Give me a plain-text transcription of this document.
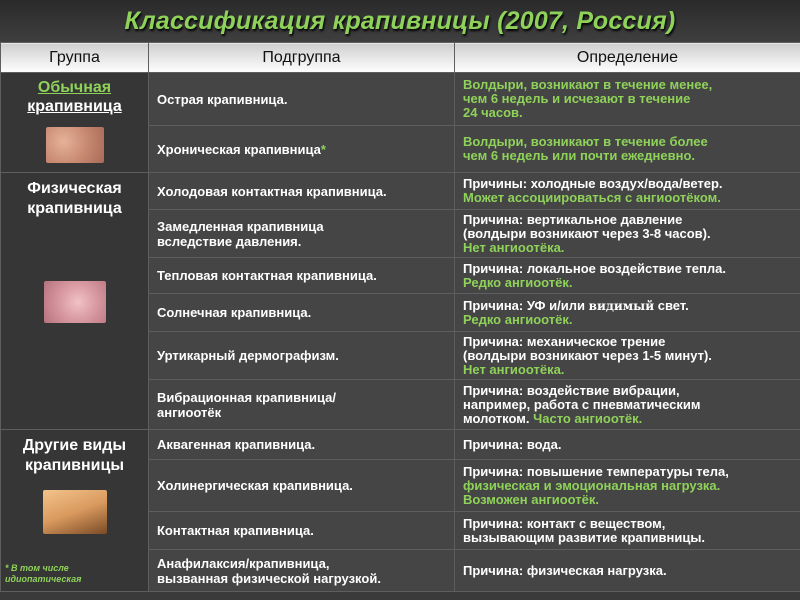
Классификация крапивницы (2007, Россия)
Группа	Подгруппа	Определение

Обычная
крапивница	Острая крапивница.	Волдыри, возникают в течение менее,
чем 6 недель и исчезают в течение
24 часов.
	Хроническая крапивница*	Волдыри, возникают в течение более
чем 6 недель или почти ежедневно.

Физическая
крапивница	Холодовая контактная крапивница.	Причины: холодные воздух/вода/ветер.
Может ассоциироваться с ангиоотёком.
	Замедленная крапивница
вследствие давления.	Причина: вертикальное давление
(волдыри возникают через 3-8 часов).
Нет ангиоотёка.
	Тепловая контактная крапивница.	Причина: локальное воздействие тепла.
Редко ангиоотёк.
	Солнечная крапивница.	Причина: УФ и/или видимый свет.
Редко ангиоотёк.
	Уртикарный дермографизм.	Причина: механическое трение
(волдыри возникают через 1-5 минут).
Нет ангиоотёка.
	Вибрационная крапивница/
ангиоотёк	Причина: воздействие вибрации,
например, работа с пневматическим
молотком. Часто ангиоотёк.

Другие виды
крапивницы
* В том числе
идиопатическая	Аквагенная крапивница.	Причина: вода.
	Холинергическая крапивница.	Причина: повышение температуры тела,
физическая и эмоциональная нагрузка.
Возможен ангиоотёк.
	Контактная крапивница.	Причина: контакт с веществом,
вызывающим развитие крапивницы.
	Анафилаксия/крапивница,
вызванная физической нагрузкой.	Причина: физическая нагрузка.
